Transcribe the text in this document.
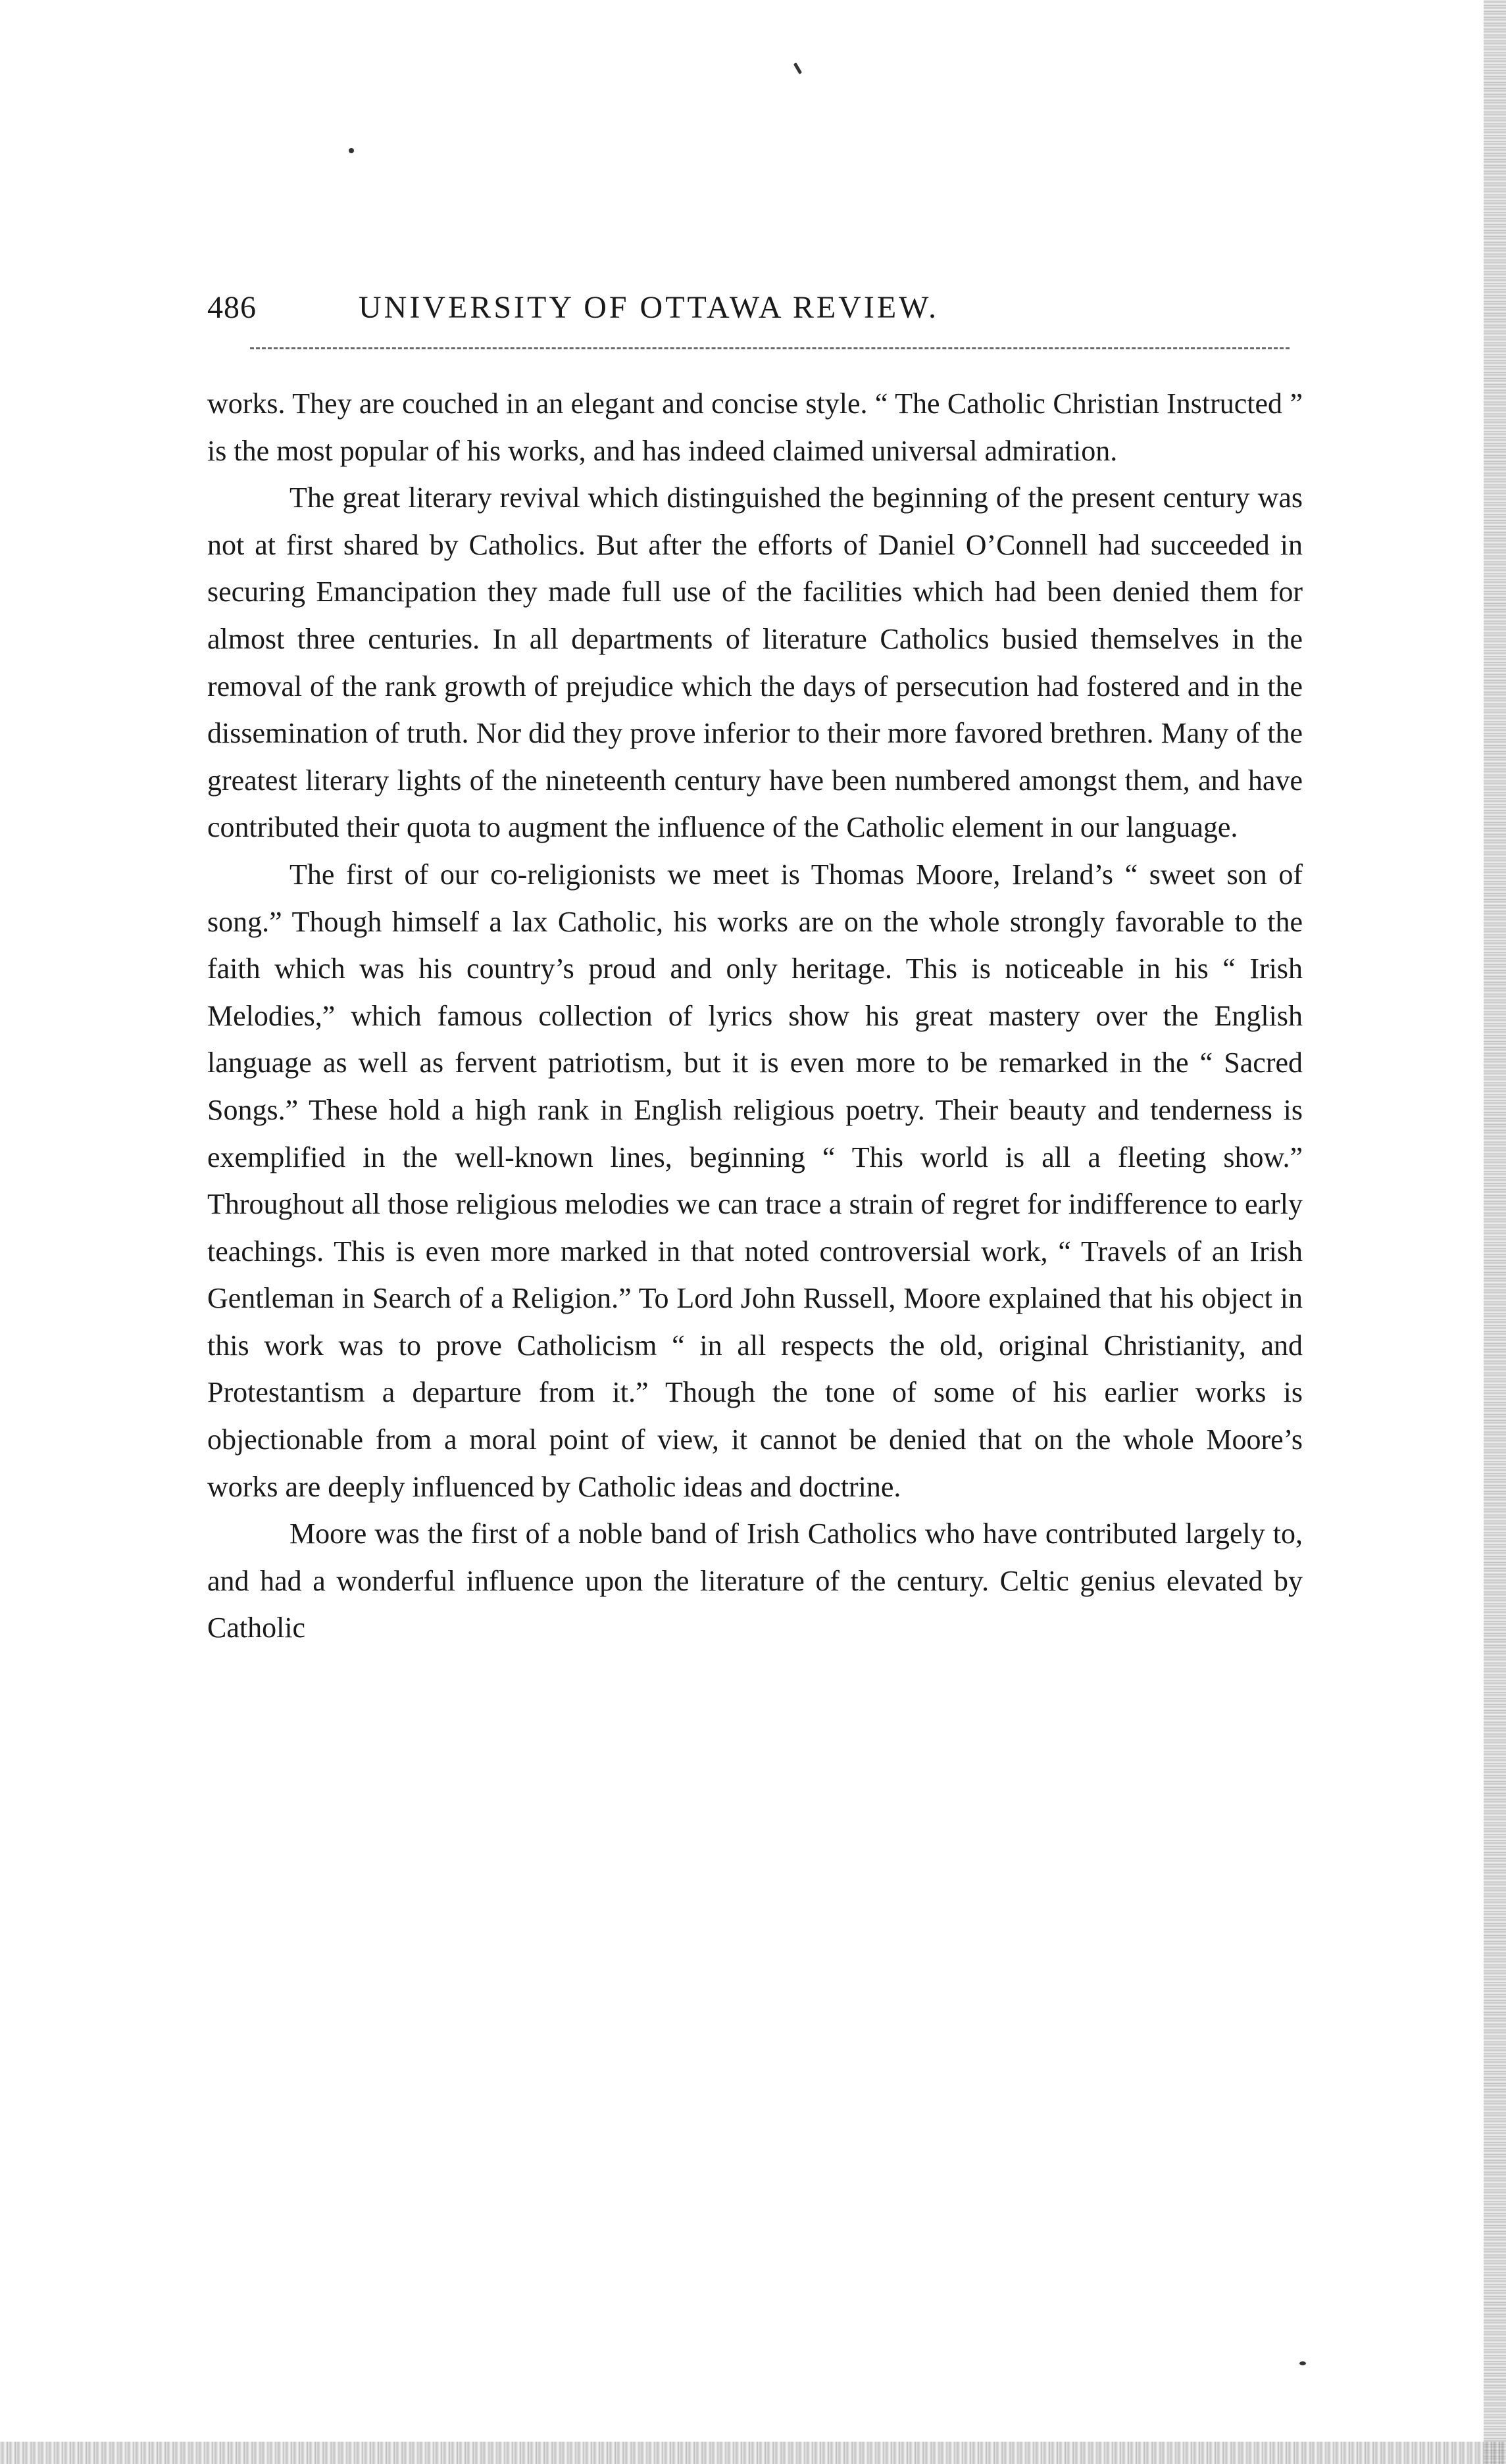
486	UNIVERSITY OF OTTAWA REVIEW.

works. They are couched in an elegant and concise style. “ The Catholic Christian Instructed ” is the most popular of his works, and has indeed claimed universal admiration.

The great literary revival which distinguished the beginning of the present century was not at first shared by Catholics. But after the efforts of Daniel O’Connell had succeeded in securing Emancipation they made full use of the facilities which had been denied them for almost three centuries. In all departments of literature Catholics busied themselves in the removal of the rank growth of prejudice which the days of persecution had fostered and in the dissemination of truth. Nor did they prove inferior to their more favored brethren. Many of the greatest literary lights of the nineteenth century have been numbered amongst them, and have contributed their quota to augment the influence of the Catholic element in our language.

The first of our co-religionists we meet is Thomas Moore, Ireland’s “ sweet son of song.” Though himself a lax Catholic, his works are on the whole strongly favorable to the faith which was his country’s proud and only heritage. This is noticeable in his “ Irish Melodies,” which famous collection of lyrics show his great mastery over the English language as well as fervent patriotism, but it is even more to be remarked in the “ Sacred Songs.” These hold a high rank in English religious poetry. Their beauty and tenderness is exemplified in the well-known lines, beginning “ This world is all a fleeting show.” Throughout all those religious melodies we can trace a strain of regret for indifference to early teachings. This is even more marked in that noted controversial work, “ Travels of an Irish Gentleman in Search of a Religion.” To Lord John Russell, Moore explained that his object in this work was to prove Catholicism “ in all respects the old, original Christianity, and Protestantism a departure from it.” Though the tone of some of his earlier works is objectionable from a moral point of view, it cannot be denied that on the whole Moore’s works are deeply influenced by Catholic ideas and doctrine.

Moore was the first of a noble band of Irish Catholics who have contributed largely to, and had a wonderful influence upon the literature of the century. Celtic genius elevated by Catholic
